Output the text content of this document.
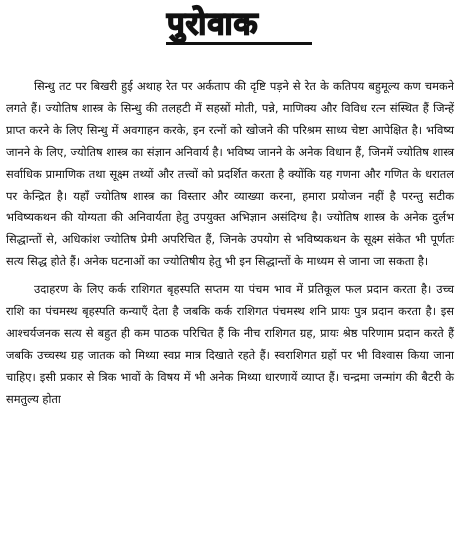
पुरोवाक

सिन्धु तट पर बिखरी हुई अथाह रेत पर अर्कताप की दृष्टि पड़ने से रेत के कतिपय बहुमूल्य कण चमकने लगते हैं। ज्योतिष शास्त्र के सिन्धु की तलहटी में सहस्रों मोती, पन्ने, माणिक्य और विविध रत्न संस्थित हैं जिन्हें प्राप्त करने के लिए सिन्धु में अवगाहन करके, इन रत्नों को खोजने की परिश्रम साध्य चेष्टा आपेक्षित है। भविष्य जानने के लिए, ज्योतिष शास्त्र का संज्ञान अनिवार्य है। भविष्य जानने के अनेक विधान हैं, जिनमें ज्योतिष शास्त्र सर्वाधिक प्रामाणिक तथा सूक्ष्म तथ्यों और तत्त्वों को प्रदर्शित करता है क्योंकि यह गणना और गणित के धरातल पर केन्द्रित है। यहाँ ज्योतिष शास्त्र का विस्तार और व्याख्या करना, हमारा प्रयोजन नहीं है परन्तु सटीक भविष्यकथन की योग्यता की अनिवार्यता हेतु उपयुक्त अभिज्ञान असंदिग्ध है। ज्योतिष शास्त्र के अनेक दुर्लभ सिद्धान्तों से, अधिकांश ज्योतिष प्रेमी अपरिचित हैं, जिनके उपयोग से भविष्यकथन के सूक्ष्म संकेत भी पूर्णतः सत्य सिद्ध होते हैं। अनेक घटनाओं का ज्योतिषीय हेतु भी इन सिद्धान्तों के माध्यम से जाना जा सकता है।

उदाहरण के लिए कर्क राशिगत बृहस्पति सप्तम या पंचम भाव में प्रतिकूल फल प्रदान करता है। उच्च राशि का पंचमस्थ बृहस्पति कन्याएँ देता है जबकि कर्क राशिगत पंचमस्थ शनि प्रायः पुत्र प्रदान करता है। इस आश्चर्यजनक सत्य से बहुत ही कम पाठक परिचित हैं कि नीच राशिगत ग्रह, प्रायः श्रेष्ठ परिणाम प्रदान करते हैं जबकि उच्चस्थ ग्रह जातक को मिथ्या स्वप्न मात्र दिखाते रहते हैं। स्वराशिगत ग्रहों पर भी विश्वास किया जाना चाहिए। इसी प्रकार से त्रिक भावों के विषय में भी अनेक मिथ्या धारणायें व्याप्त हैं। चन्द्रमा जन्मांग की बैटरी के समतुल्य होता
